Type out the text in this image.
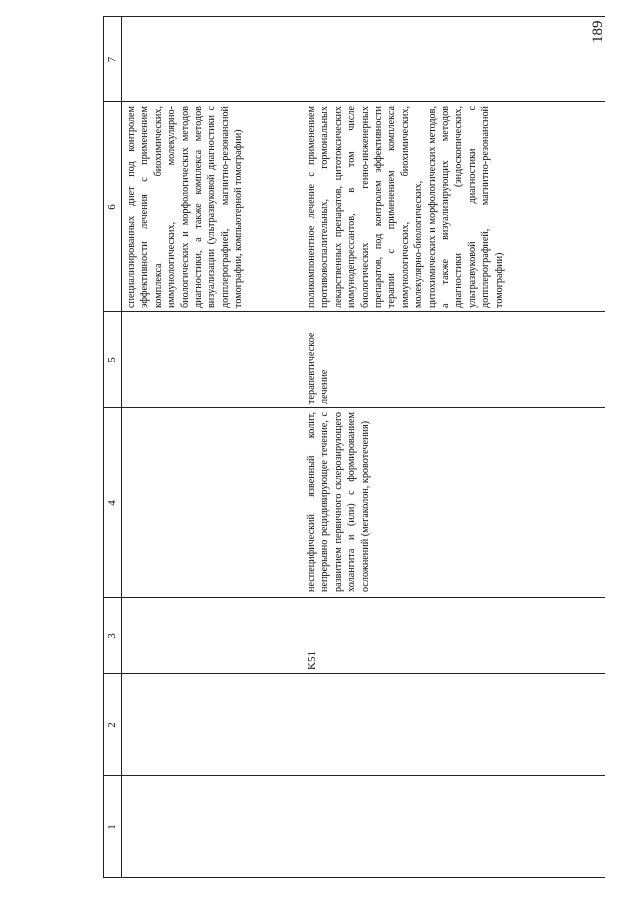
189
1
2
3
4
5
6
7
специализированных диет под контролем эффективности лечения с применением комплекса биохимических, иммунологических, молекулярно-биологических и морфологических методов диагностики, а также комплекса методов визуализации (ультразвуковой диагностики с допплерографией, магнитно-резонансной томографии, компьютерной томографии)
K51
неспецифический язвенный колит, непрерывно рецидивирующее течение, с развитием первичного склерозирующего холангита и (или) с формированием осложнений (мегаколон, кровотечения)
терапевтическое лечение
поликомпонентное лечение с применением противовоспалительных, гормональных лекарственных препаратов, цитотоксических иммунодепрессантов, в том числе биологических генно-инженерных препаратов, под контролем эффективности терапии с применением комплекса иммунологических, биохимических, молекулярно-биологических, цитохимических и морфологических методов, а также визуализирующих методов диагностики (эндоскопических, ультразвуковой диагностики с допплерографией, магнитно-резонансной томографии)
